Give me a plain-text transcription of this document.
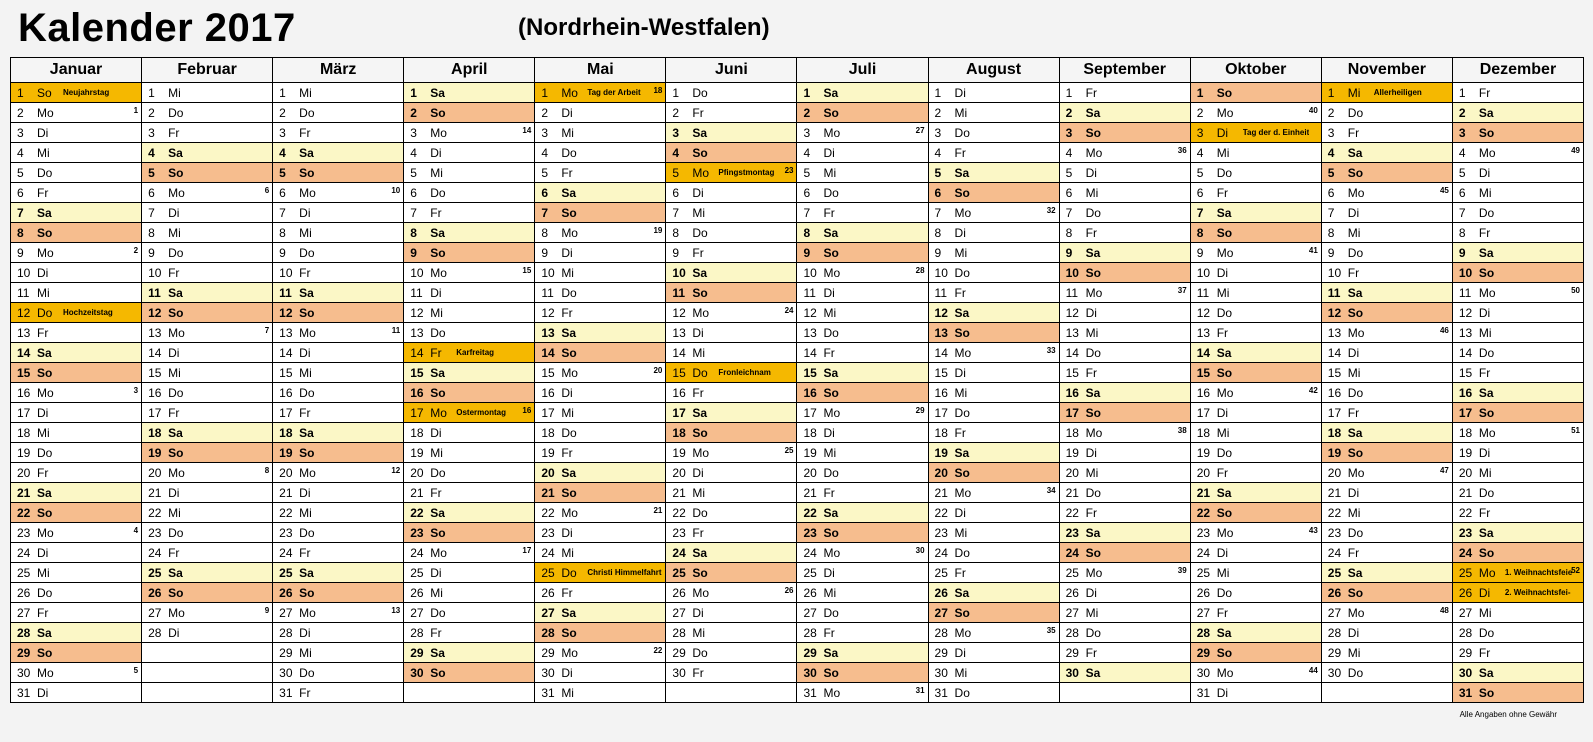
Kalender 2017	(Nordrhein-Westfalen)
Januar	Februar	März	April	Mai	Juni	Juli	August	September	Oktober	November	Dezember

1 So Neujahrstag	1 Mi	1 Mi	1 Sa	1 Mo Tag der Arbeit 18	1 Do	1 Sa	1 Di	1 Fr	1 So	1 Mi Allerheiligen	1 Fr

2 Mo 1	2 Do	2 Do	2 So	2 Di	2 Fr	2 So	2 Mi	2 Sa	2 Mo 40	2 Do	2 Sa

3 Di	3 Fr	3 Fr	3 Mo 14	3 Mi	3 Sa	3 Mo 27	3 Do	3 So	3 Di Tag der d. Einheit	3 Fr	3 So

4 Mi	4 Sa	4 Sa	4 Di	4 Do	4 So	4 Di	4 Fr	4 Mo 36	4 Mi	4 Sa	4 Mo 49

5 Do	5 So	5 So	5 Mi	5 Fr	5 Mo Pfingstmontag 23	5 Mi	5 Sa	5 Di	5 Do	5 So	5 Di

6 Fr	6 Mo 6	6 Mo 10	6 Do	6 Sa	6 Di	6 Do	6 So	6 Mi	6 Fr	6 Mo 45	6 Mi

7 Sa	7 Di	7 Di	7 Fr	7 So	7 Mi	7 Fr	7 Mo 32	7 Do	7 Sa	7 Di	7 Do

8 So	8 Mi	8 Mi	8 Sa	8 Mo 19	8 Do	8 Sa	8 Di	8 Fr	8 So	8 Mi	8 Fr

9 Mo 2	9 Do	9 Do	9 So	9 Di	9 Fr	9 So	9 Mi	9 Sa	9 Mo 41	9 Do	9 Sa

10 Di	10 Fr	10 Fr	10 Mo 15	10 Mi	10 Sa	10 Mo 28	10 Do	10 So	10 Di	10 Fr	10 So

11 Mi	11 Sa	11 Sa	11 Di	11 Do	11 So	11 Di	11 Fr	11 Mo 37	11 Mi	11 Sa	11 Mo 50

12 Do Hochzeitstag	12 So	12 So	12 Mi	12 Fr	12 Mo 24	12 Mi	12 Sa	12 Di	12 Do	12 So	12 Di

13 Fr	13 Mo 7	13 Mo 11	13 Do	13 Sa	13 Di	13 Do	13 So	13 Mi	13 Fr	13 Mo 46	13 Mi

14 Sa	14 Di	14 Di	14 Fr Karfreitag	14 So	14 Mi	14 Fr	14 Mo 33	14 Do	14 Sa	14 Di	14 Do

15 So	15 Mi	15 Mi	15 Sa	15 Mo 20	15 Do Fronleichnam	15 Sa	15 Di	15 Fr	15 So	15 Mi	15 Fr

16 Mo 3	16 Do	16 Do	16 So	16 Di	16 Fr	16 So	16 Mi	16 Sa	16 Mo 42	16 Do	16 Sa

17 Di	17 Fr	17 Fr	17 Mo Ostermontag 16	17 Mi	17 Sa	17 Mo 29	17 Do	17 So	17 Di	17 Fr	17 So

18 Mi	18 Sa	18 Sa	18 Di	18 Do	18 So	18 Di	18 Fr	18 Mo 38	18 Mi	18 Sa	18 Mo 51

19 Do	19 So	19 So	19 Mi	19 Fr	19 Mo 25	19 Mi	19 Sa	19 Di	19 Do	19 So	19 Di

20 Fr	20 Mo 8	20 Mo 12	20 Do	20 Sa	20 Di	20 Do	20 So	20 Mi	20 Fr	20 Mo 47	20 Mi

21 Sa	21 Di	21 Di	21 Fr	21 So	21 Mi	21 Fr	21 Mo 34	21 Do	21 Sa	21 Di	21 Do

22 So	22 Mi	22 Mi	22 Sa	22 Mo 21	22 Do	22 Sa	22 Di	22 Fr	22 So	22 Mi	22 Fr

23 Mo 4	23 Do	23 Do	23 So	23 Di	23 Fr	23 So	23 Mi	23 Sa	23 Mo 43	23 Do	23 Sa

24 Di	24 Fr	24 Fr	24 Mo 17	24 Mi	24 Sa	24 Mo 30	24 Do	24 So	24 Di	24 Fr	24 So

25 Mi	25 Sa	25 Sa	25 Di	25 Do Christi Himmelfahrt	25 So	25 Di	25 Fr	25 Mo 39	25 Mi	25 Sa	25 Mo 1. Weihnachtsfeie
52

26 Do	26 So	26 So	26 Mi	26 Fr	26 Mo 26	26 Mi	26 Sa	26 Di	26 Do	26 So	26 Di 2. Weihnachtsfei-

27 Fr	27 Mo 9	27 Mo 13	27 Do	27 Sa	27 Di	27 Do	27 So	27 Mi	27 Fr	27 Mo 48	27 Mi

28 Sa	28 Di	28 Di	28 Fr	28 So	28 Mi	28 Fr	28 Mo 35	28 Do	28 Sa	28 Di	28 Do

29 So		29 Mi	29 Sa	29 Mo 22	29 Do	29 Sa	29 Di	29 Fr	29 So	29 Mi	29 Fr

30 Mo 5		30 Do	30 So	30 Di	30 Fr	30 So	30 Mi	30 Sa	30 Mo 44	30 Do	30 Sa

31 Di		31 Fr		31 Mi		31 Mo 31	31 Do		31 Di		31 So
Alle Angaben ohne Gewähr
